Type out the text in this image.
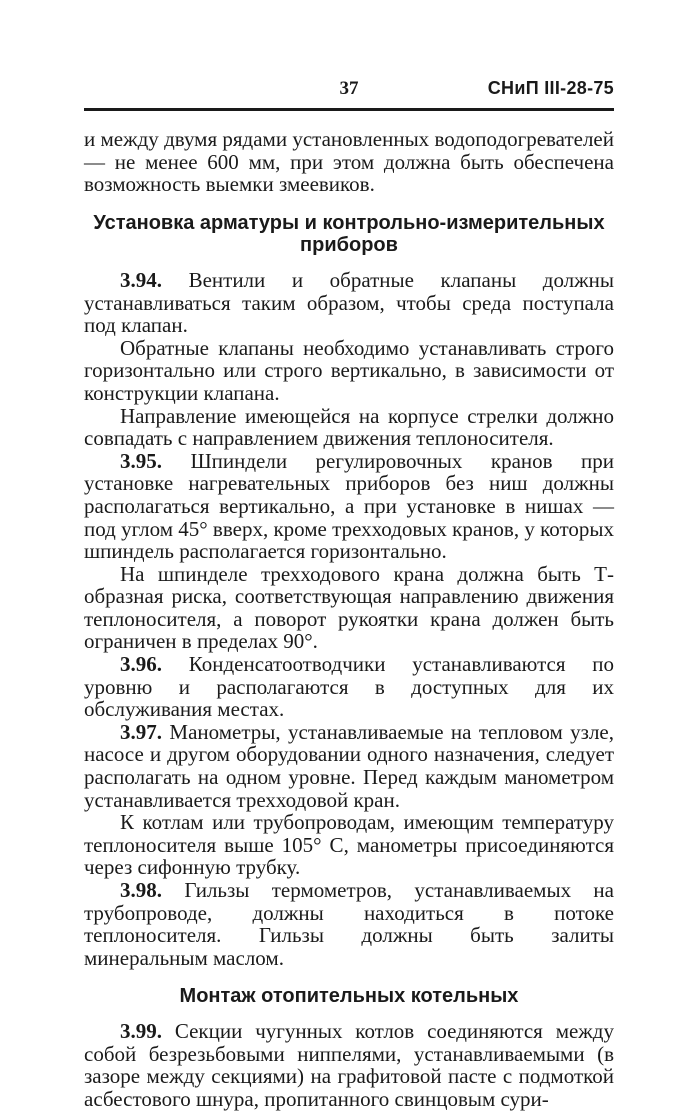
37	СНиП III-28-75

и между двумя рядами установленных водоподогревателей — не менее 600 мм, при этом должна быть обеспечена возможность выемки змеевиков.

Установка арматуры и контрольно-измерительных приборов

3.94. Вентили и обратные клапаны должны устанавливаться таким образом, чтобы среда поступала под клапан.

Обратные клапаны необходимо устанавливать строго горизонтально или строго вертикально, в зависимости от конструкции клапана.

Направление имеющейся на корпусе стрелки должно совпадать с направлением движения теплоносителя.

3.95. Шпиндели регулировочных кранов при установке нагревательных приборов без ниш должны располагаться вертикально, а при установке в нишах — под углом 45° вверх, кроме трехходовых кранов, у которых шпиндель располагается горизонтально.

На шпинделе трехходового крана должна быть Т-образная риска, соответствующая направлению движения теплоносителя, а поворот рукоятки крана должен быть ограничен в пределах 90°.

3.96. Конденсатоотводчики устанавливаются по уровню и располагаются в доступных для их обслуживания местах.

3.97. Манометры, устанавливаемые на тепловом узле, насосе и другом оборудовании одного назначения, следует располагать на одном уровне. Перед каждым манометром устанавливается трехходовой кран.

К котлам или трубопроводам, имеющим температуру теплоносителя выше 105° С, манометры присоединяются через сифонную трубку.

3.98. Гильзы термометров, устанавливаемых на трубопроводе, должны находиться в потоке теплоносителя. Гильзы должны быть залиты минеральным маслом.

Монтаж отопительных котельных

3.99. Секции чугунных котлов соединяются между собой безрезьбовыми ниппелями, устанавливаемыми (в зазоре между секциями) на графитовой пасте с подмоткой асбестового шнура, пропитанного свинцовым сури-
